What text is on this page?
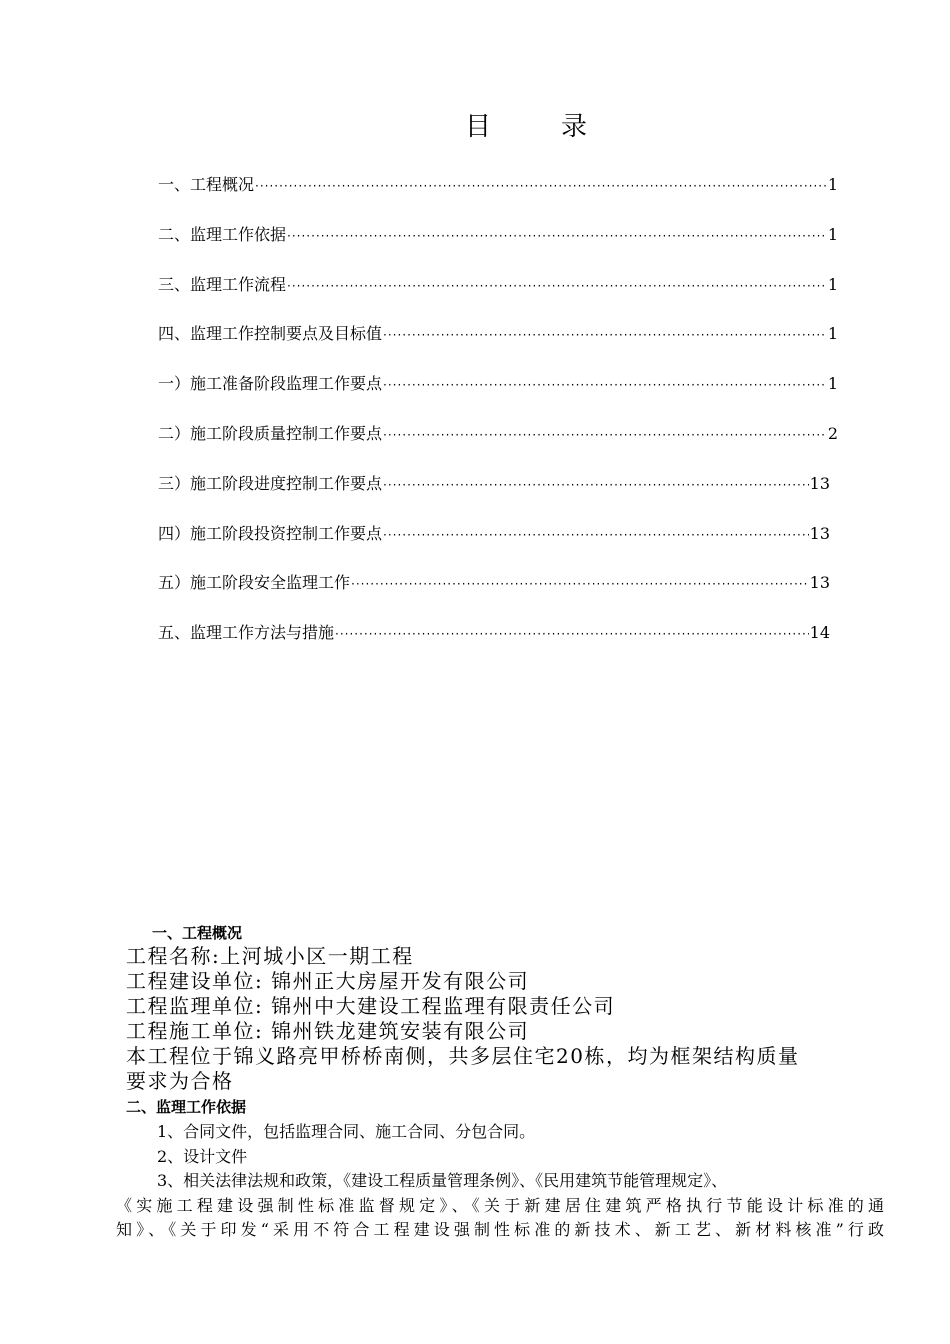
目	录
一、工程概况 ·····	1
二、监理工作依据 ·····	1
三、监理工作流程 ·····	1
四、监理工作控制要点及目标值 ·····	1
一）施工准备阶段监理工作要点 ·····	1
二）施工阶段质量控制工作要点 ·····	2
三）施工阶段进度控制工作要点 ·····	13
四）施工阶段投资控制工作要点 ·····	13
五）施工阶段安全监理工作 ·····	13
五、监理工作方法与措施 ·····	14
一、工程概况
工程名称:上河城小区一期工程
工程建设单位: 锦州正大房屋开发有限公司
工程监理单位: 锦州中大建设工程监理有限责任公司
工程施工单位: 锦州铁龙建筑安装有限公司
本工程位于锦义路亮甲桥桥南侧，共多层住宅20栋，均为框架结构质量
要求为合格
二、监理工作依据
1、合同文件，包括监理合同、施工合同、分包合同。
2、设计文件
3、相关法律法规和政策，《建设工程质量管理条例》、《民用建筑节能管理规定》、
《实施工程建设强制性标准监督规定》、《关于新建居住建筑严格执行节能设计标准的通
知》、《关于印发“采用不符合工程建设强制性标准的新技术、新工艺、新材料核准”行政
